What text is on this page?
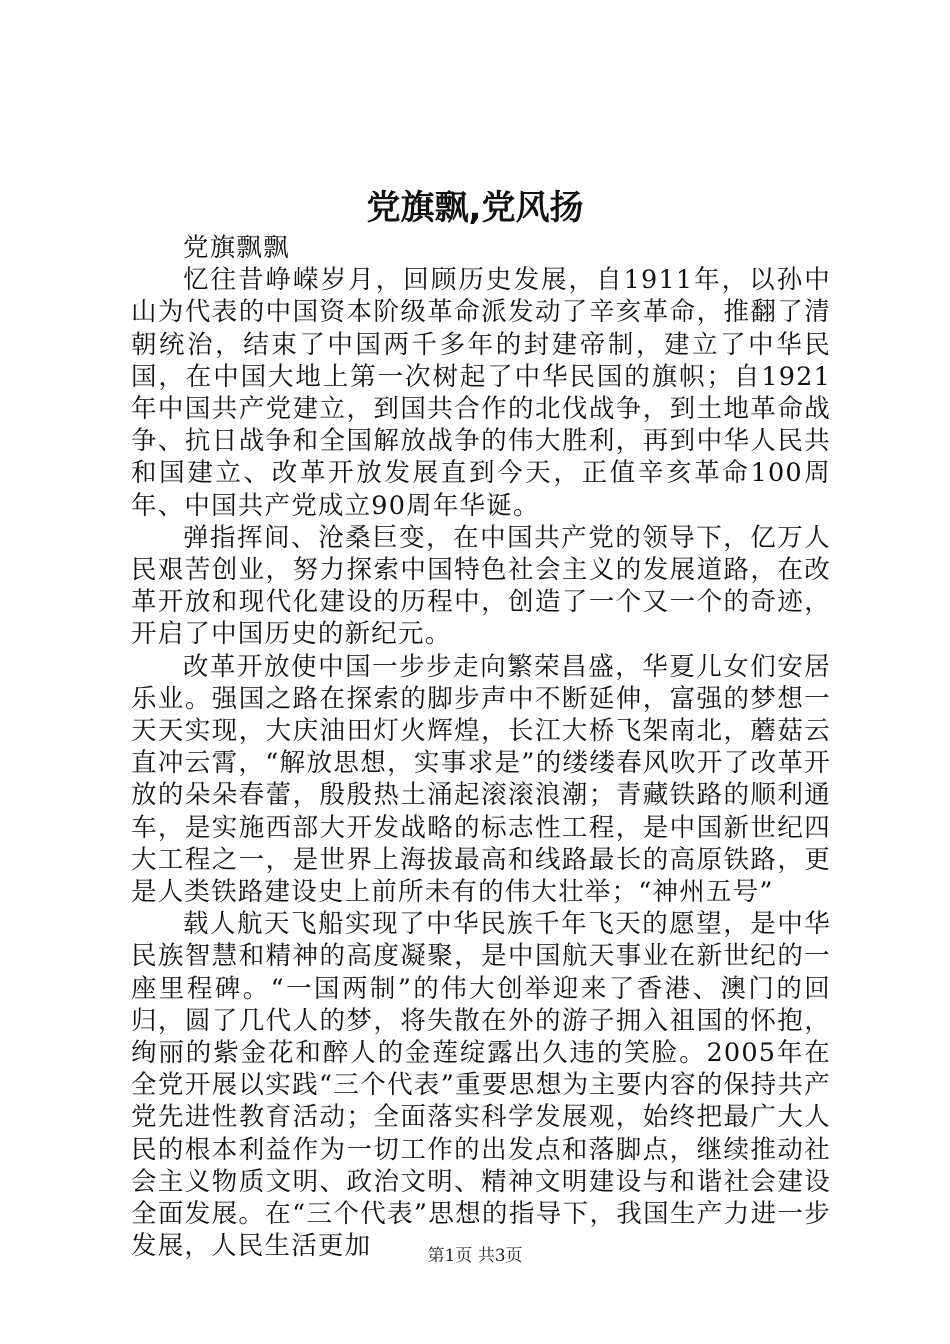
党旗飘,党风扬

党旗飘飘

忆往昔峥嵘岁月，回顾历史发展，自1911年，以孙中山为代表的中国资本阶级革命派发动了辛亥革命，推翻了清朝统治，结束了中国两千多年的封建帝制，建立了中华民国，在中国大地上第一次树起了中华民国的旗帜；自1921年中国共产党建立，到国共合作的北伐战争，到土地革命战争、抗日战争和全国解放战争的伟大胜利，再到中华人民共和国建立、改革开放发展直到今天，正值辛亥革命100周年、中国共产党成立90周年华诞。

弹指挥间、沧桑巨变，在中国共产党的领导下，亿万人民艰苦创业，努力探索中国特色社会主义的发展道路，在改革开放和现代化建设的历程中，创造了一个又一个的奇迹，开启了中国历史的新纪元。

改革开放使中国一步步走向繁荣昌盛，华夏儿女们安居乐业。强国之路在探索的脚步声中不断延伸，富强的梦想一天天实现，大庆油田灯火辉煌，长江大桥飞架南北，蘑菇云直冲云霄，“解放思想，实事求是”的缕缕春风吹开了改革开放的朵朵春蕾，殷殷热土涌起滚滚浪潮；青藏铁路的顺利通车，是实施西部大开发战略的标志性工程，是中国新世纪四大工程之一，是世界上海拔最高和线路最长的高原铁路，更是人类铁路建设史上前所未有的伟大壮举；“神州五号”

载人航天飞船实现了中华民族千年飞天的愿望，是中华民族智慧和精神的高度凝聚，是中国航天事业在新世纪的一座里程碑。“一国两制”的伟大创举迎来了香港、澳门的回归，圆了几代人的梦，将失散在外的游子拥入祖国的怀抱，绚丽的紫金花和醉人的金莲绽露出久违的笑脸。2005年在全党开展以实践“三个代表”重要思想为主要内容的保持共产党先进性教育活动；全面落实科学发展观，始终把最广大人民的根本利益作为一切工作的出发点和落脚点，继续推动社会主义物质文明、政治文明、精神文明建设与和谐社会建设全面发展。在“三个代表”思想的指导下，我国生产力进一步发展，人民生活更加	第1页 共3页
